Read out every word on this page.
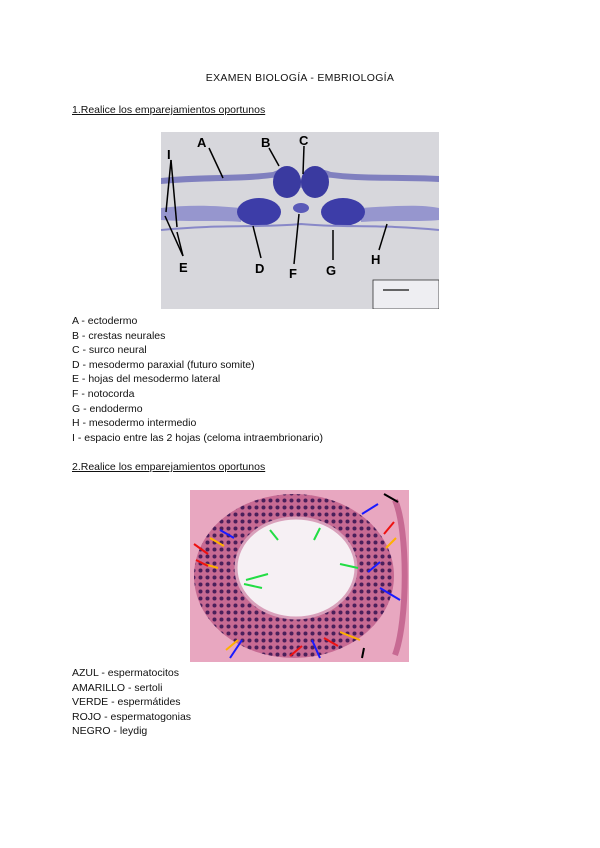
EXAMEN BIOLOGÍA - EMBRIOLOGÍA
1.Realice los emparejamientos oportunos
A	B C
I
E	D F G
H
A - ectodermo
B - crestas neurales
C - surco neural
D - mesodermo paraxial (futuro somite)
E - hojas del mesodermo lateral
F - notocorda
G - endodermo
H - mesodermo intermedio
I - espacio entre las 2 hojas (celoma intraembrionario)
2.Realice los emparejamientos oportunos
AZUL - espermatocitos
AMARILLO - sertoli
VERDE - espermátides
ROJO - espermatogonias
NEGRO - leydig
